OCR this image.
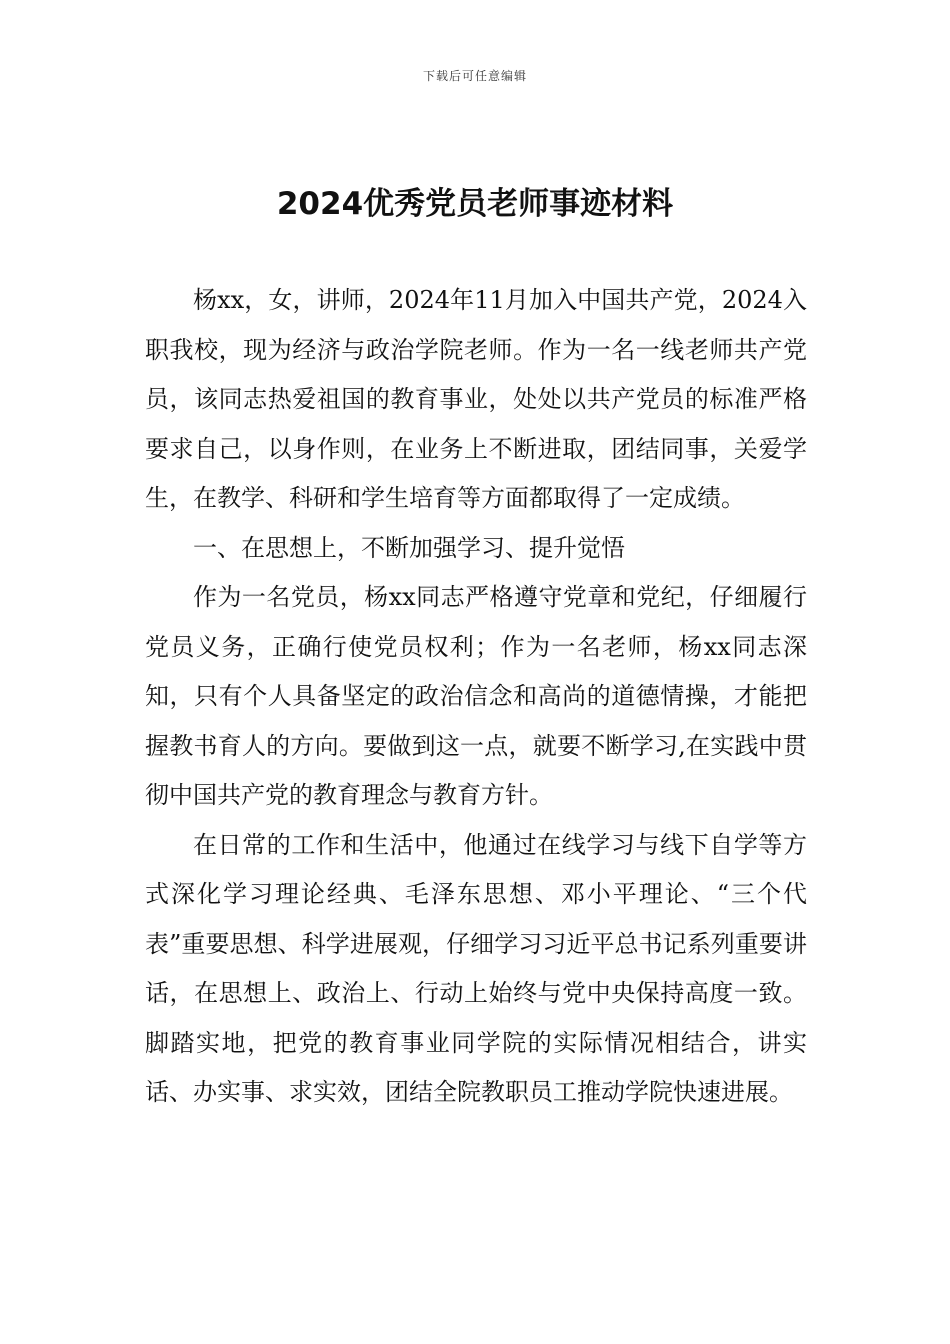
下载后可任意编辑
2024优秀党员老师事迹材料

杨xx，女，讲师，2024年11月加入中国共产党，2024入职我校，现为经济与政治学院老师。作为一名一线老师共产党员，该同志热爱祖国的教育事业，处处以共产党员的标准严格要求自己，以身作则，在业务上不断进取，团结同事，关爱学生，在教学、科研和学生培育等方面都取得了一定成绩。

一、在思想上，不断加强学习、提升觉悟

作为一名党员，杨xx同志严格遵守党章和党纪，仔细履行党员义务，正确行使党员权利；作为一名老师，杨xx同志深知，只有个人具备坚定的政治信念和高尚的道德情操，才能把握教书育人的方向。要做到这一点，就要不断学习,在实践中贯彻中国共产党的教育理念与教育方针。

在日常的工作和生活中，他通过在线学习与线下自学等方式深化学习理论经典、毛泽东思想、邓小平理论、“三个代表”重要思想、科学进展观，仔细学习习近平总书记系列重要讲话，在思想上、政治上、行动上始终与党中央保持高度一致。脚踏实地，把党的教育事业同学院的实际情况相结合，讲实话、办实事、求实效，团结全院教职员工推动学院快速进展。
